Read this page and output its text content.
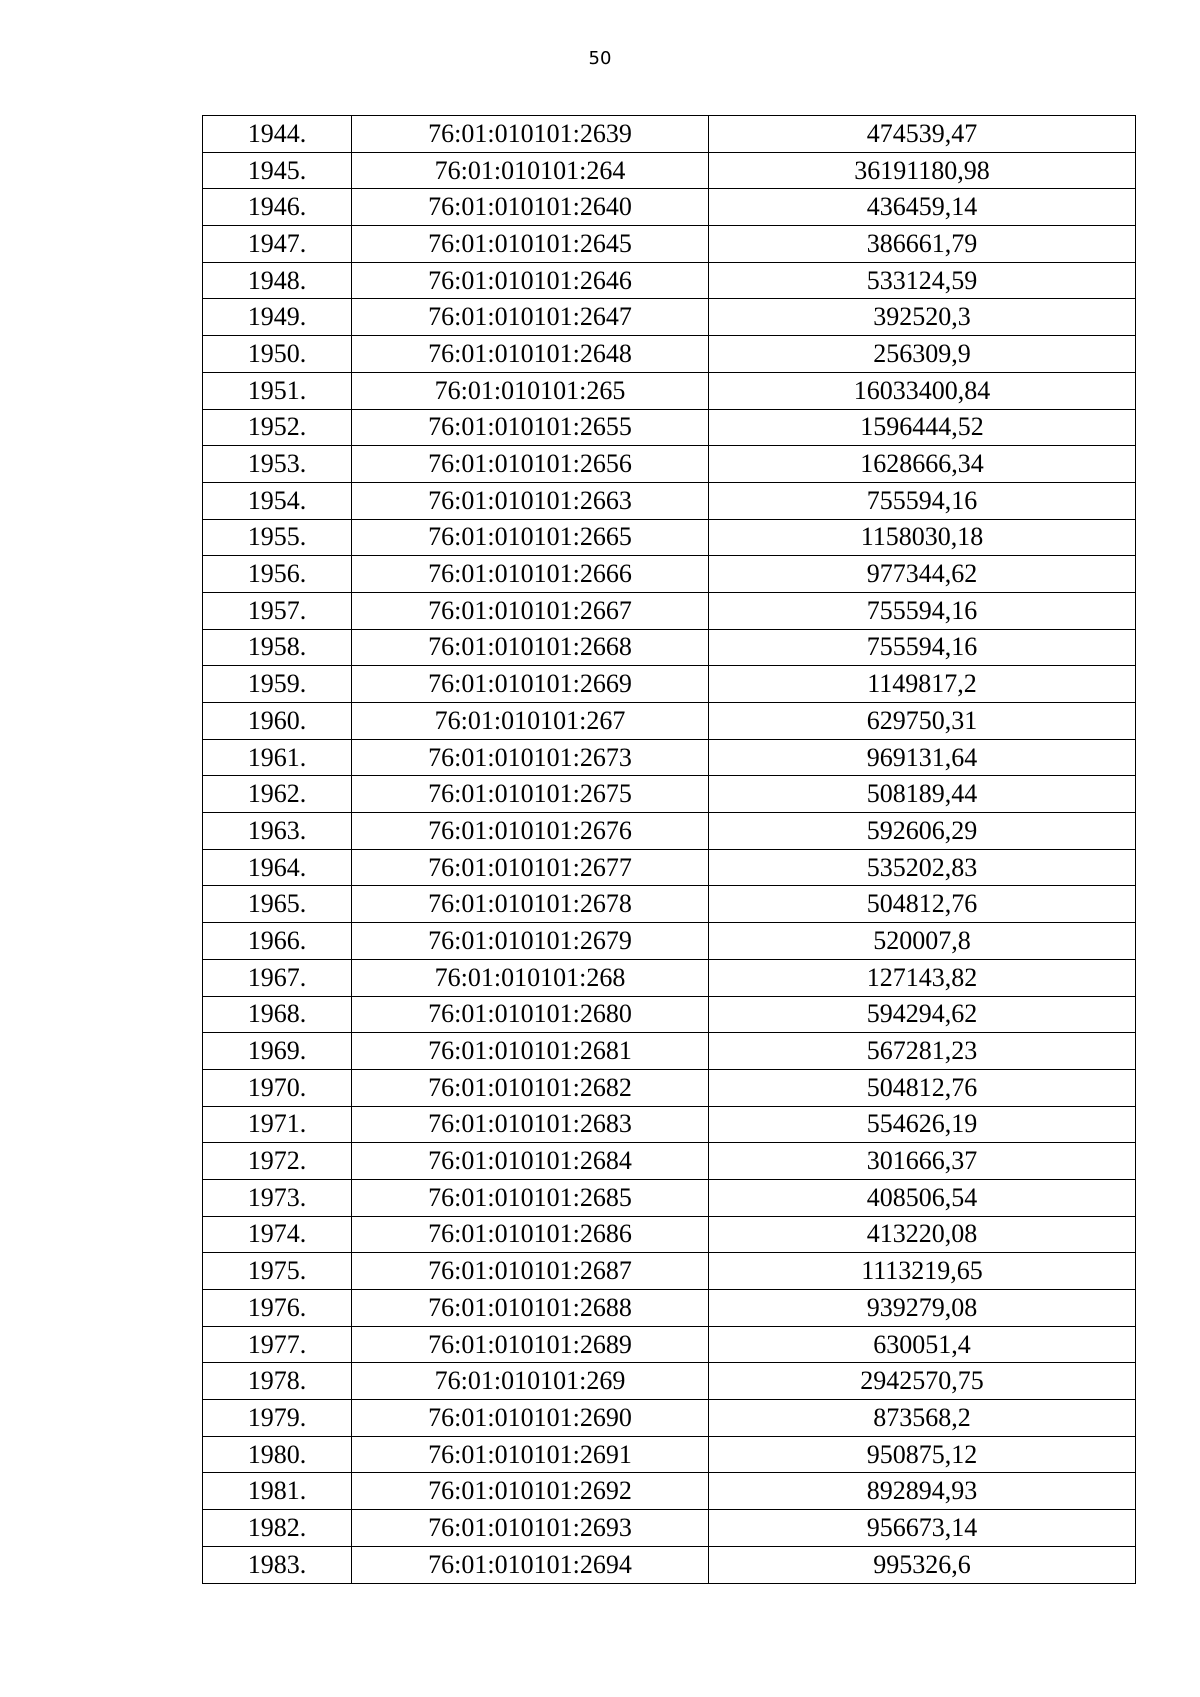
50
1944.	76:01:010101:2639	474539,47
1945.	76:01:010101:264	36191180,98
1946.	76:01:010101:2640	436459,14
1947.	76:01:010101:2645	386661,79
1948.	76:01:010101:2646	533124,59
1949.	76:01:010101:2647	392520,3
1950.	76:01:010101:2648	256309,9
1951.	76:01:010101:265	16033400,84
1952.	76:01:010101:2655	1596444,52
1953.	76:01:010101:2656	1628666,34
1954.	76:01:010101:2663	755594,16
1955.	76:01:010101:2665	1158030,18
1956.	76:01:010101:2666	977344,62
1957.	76:01:010101:2667	755594,16
1958.	76:01:010101:2668	755594,16
1959.	76:01:010101:2669	1149817,2
1960.	76:01:010101:267	629750,31
1961.	76:01:010101:2673	969131,64
1962.	76:01:010101:2675	508189,44
1963.	76:01:010101:2676	592606,29
1964.	76:01:010101:2677	535202,83
1965.	76:01:010101:2678	504812,76
1966.	76:01:010101:2679	520007,8
1967.	76:01:010101:268	127143,82
1968.	76:01:010101:2680	594294,62
1969.	76:01:010101:2681	567281,23
1970.	76:01:010101:2682	504812,76
1971.	76:01:010101:2683	554626,19
1972.	76:01:010101:2684	301666,37
1973.	76:01:010101:2685	408506,54
1974.	76:01:010101:2686	413220,08
1975.	76:01:010101:2687	1113219,65
1976.	76:01:010101:2688	939279,08
1977.	76:01:010101:2689	630051,4
1978.	76:01:010101:269	2942570,75
1979.	76:01:010101:2690	873568,2
1980.	76:01:010101:2691	950875,12
1981.	76:01:010101:2692	892894,93
1982.	76:01:010101:2693	956673,14
1983.	76:01:010101:2694	995326,6
